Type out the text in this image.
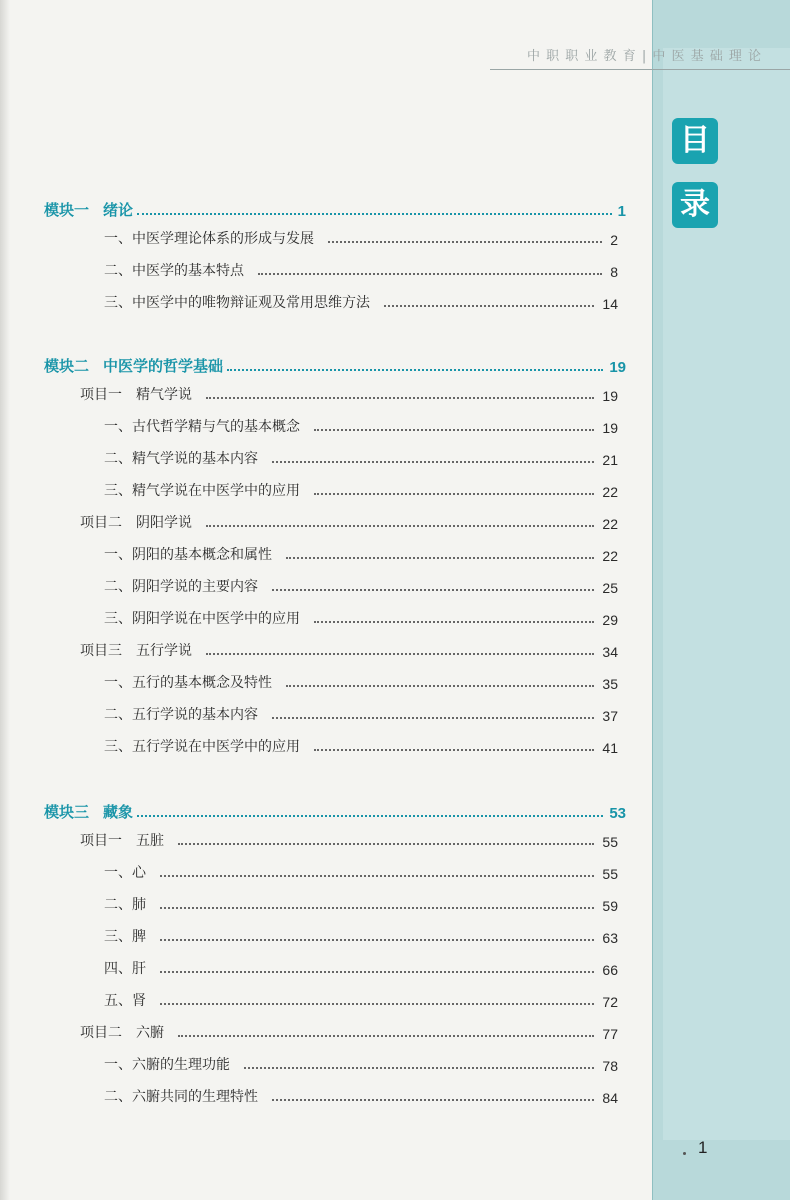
目
录
中 职 职 业 教 育 | 中 医 基 础 理 论
模块一 绪论	1
一、中医学理论体系的形成与发展	2
二、中医学的基本特点	8
三、中医学中的唯物辩证观及常用思维方法	14
模块二 中医学的哲学基础	19
项目一 精气学说	19
一、古代哲学精与气的基本概念	19
二、精气学说的基本内容	21
三、精气学说在中医学中的应用	22
项目二 阴阳学说	22
一、阴阳的基本概念和属性	22
二、阴阳学说的主要内容	25
三、阴阳学说在中医学中的应用	29
项目三 五行学说	34
一、五行的基本概念及特性	35
二、五行学说的基本内容	37
三、五行学说在中医学中的应用	41
模块三 藏象	53
项目一 五脏	55
一、心	55
二、肺	59
三、脾	63
四、肝	66
五、肾	72
项目二 六腑	77
一、六腑的生理功能	78
二、六腑共同的生理特性	84
1
